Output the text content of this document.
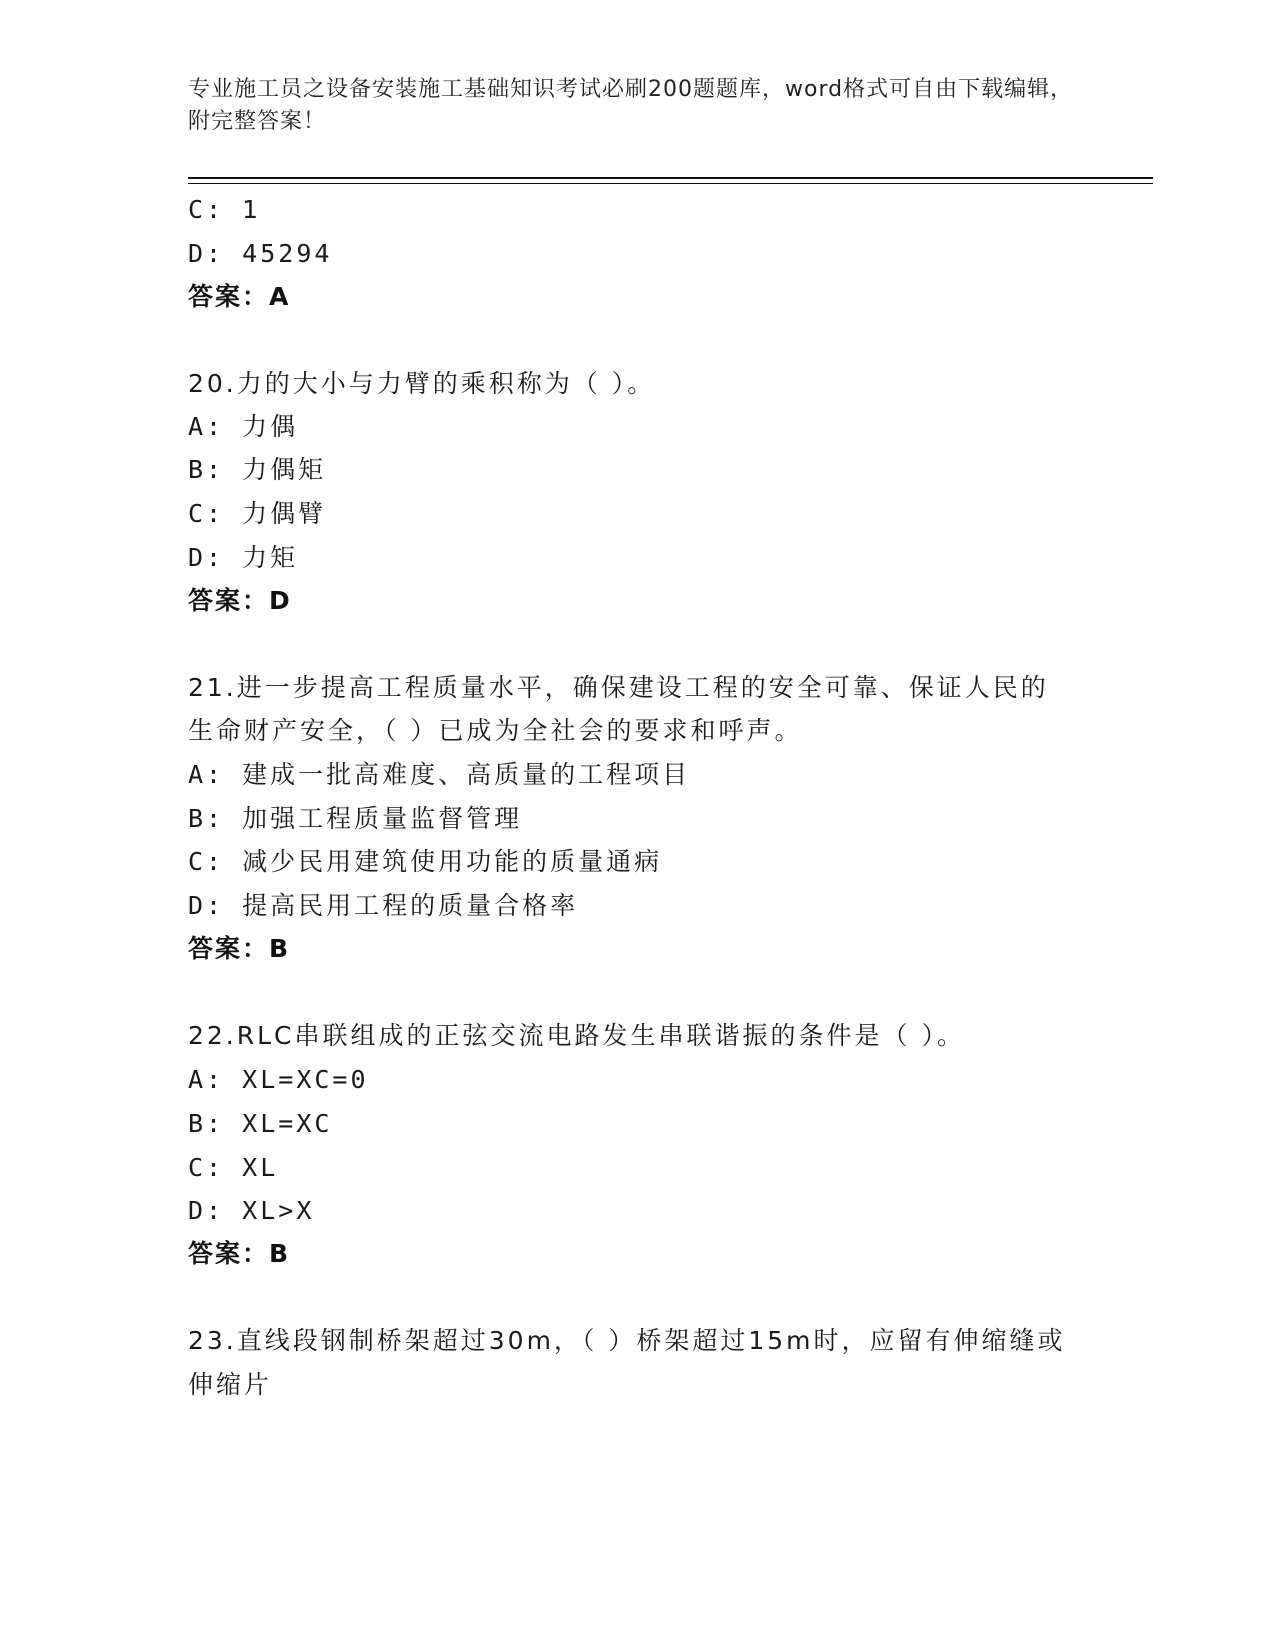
专业施工员之设备安装施工基础知识考试必刷200题题库，word格式可自由下载编辑，附完整答案！
C: 1
D: 45294
答案：A
20.力的大小与力臂的乘积称为（ ）。
A: 力偶
B: 力偶矩
C: 力偶臂
D: 力矩
答案：D
21.进一步提高工程质量水平，确保建设工程的安全可靠、保证人民的
生命财产安全，（ ）已成为全社会的要求和呼声。
A: 建成一批高难度、高质量的工程项目
B: 加强工程质量监督管理
C: 减少民用建筑使用功能的质量通病
D: 提高民用工程的质量合格率
答案：B
22.RLC串联组成的正弦交流电路发生串联谐振的条件是（ ）。
A: XL=XC=0
B: XL=XC
C: XL
D: XL>X
答案：B
23.直线段钢制桥架超过30m，（ ）桥架超过15m时，应留有伸缩缝或
伸缩片
